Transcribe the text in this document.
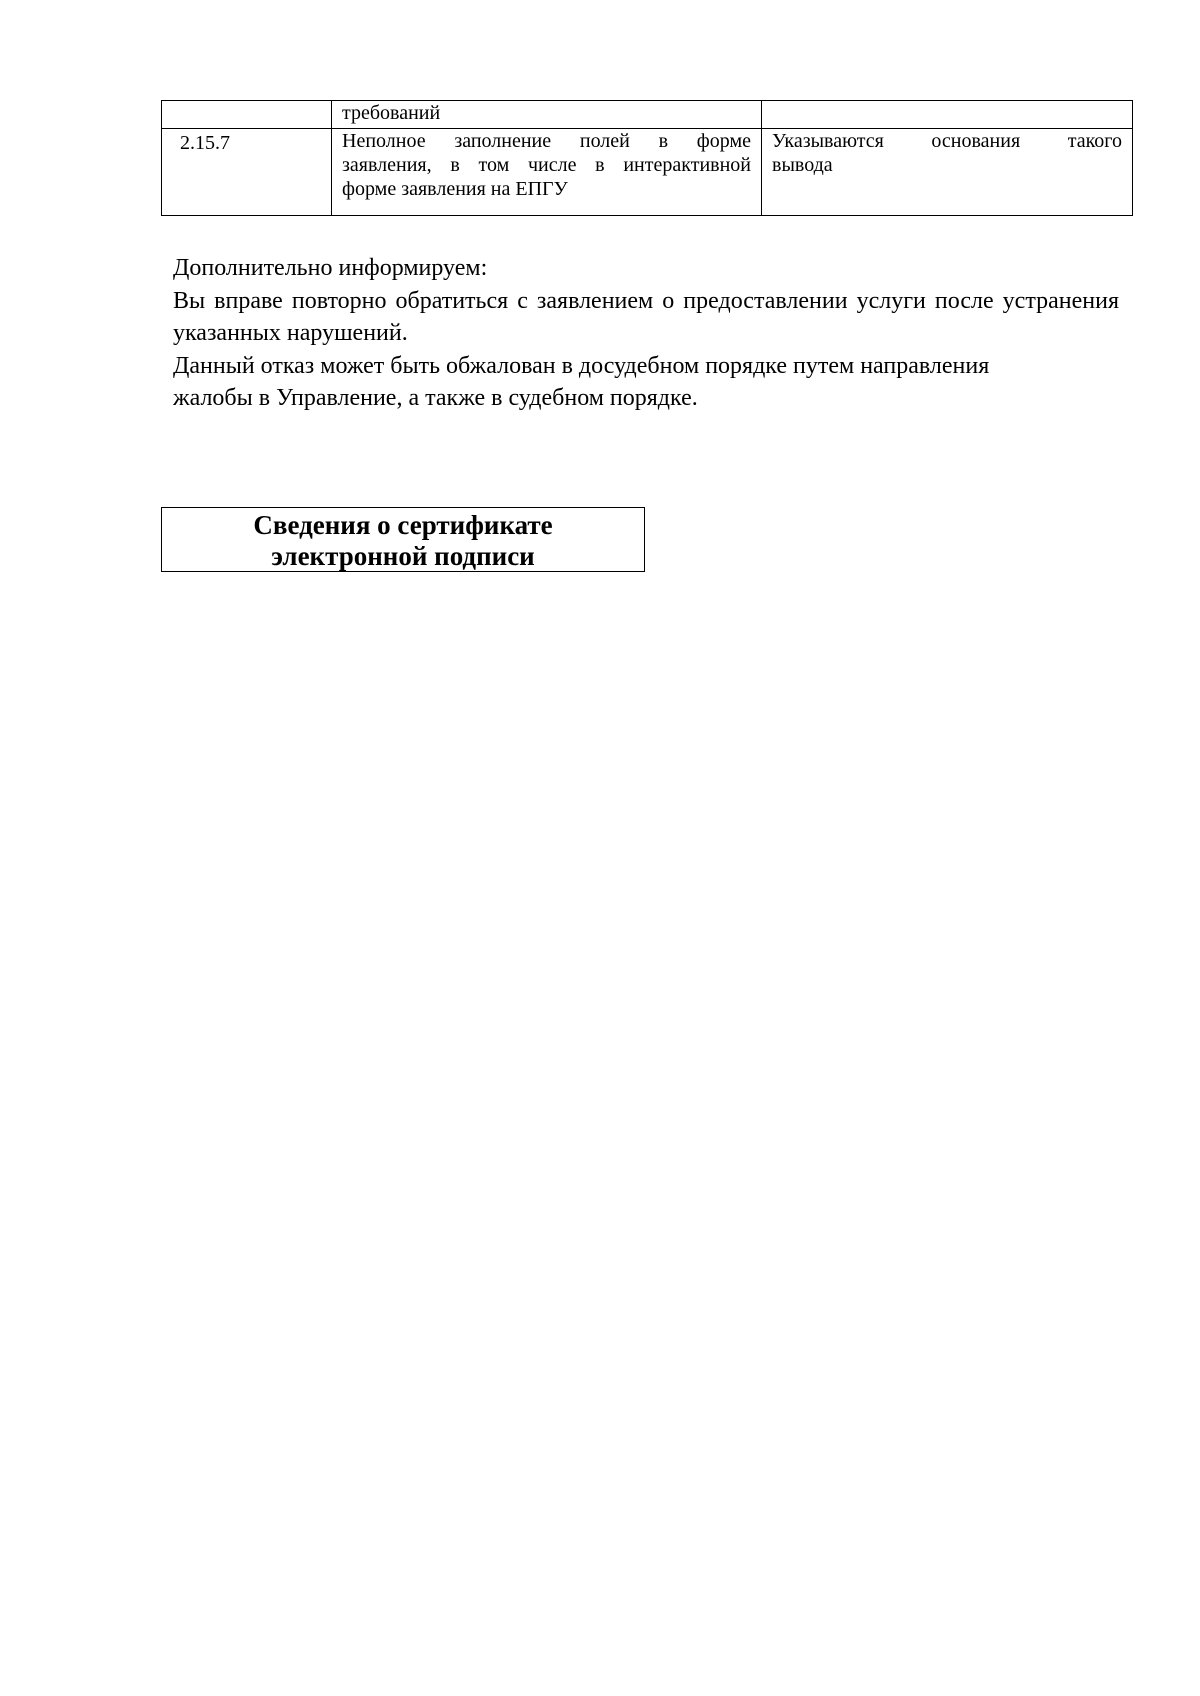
	требований	

2.15.7	Неполное заполнение полей в форме
заявления, в том числе в интерактивной
форме заявления на ЕПГУ	Указываются основания такого
вывода

Дополнительно информируем:

Вы вправе повторно обратиться с заявлением о предоставлении услуги после устранения указанных нарушений.

Данный отказ может быть обжалован в досудебном порядке путем направления

жалобы в Управление, а также в судебном порядке.

Сведения о сертификате
электронной подписи
